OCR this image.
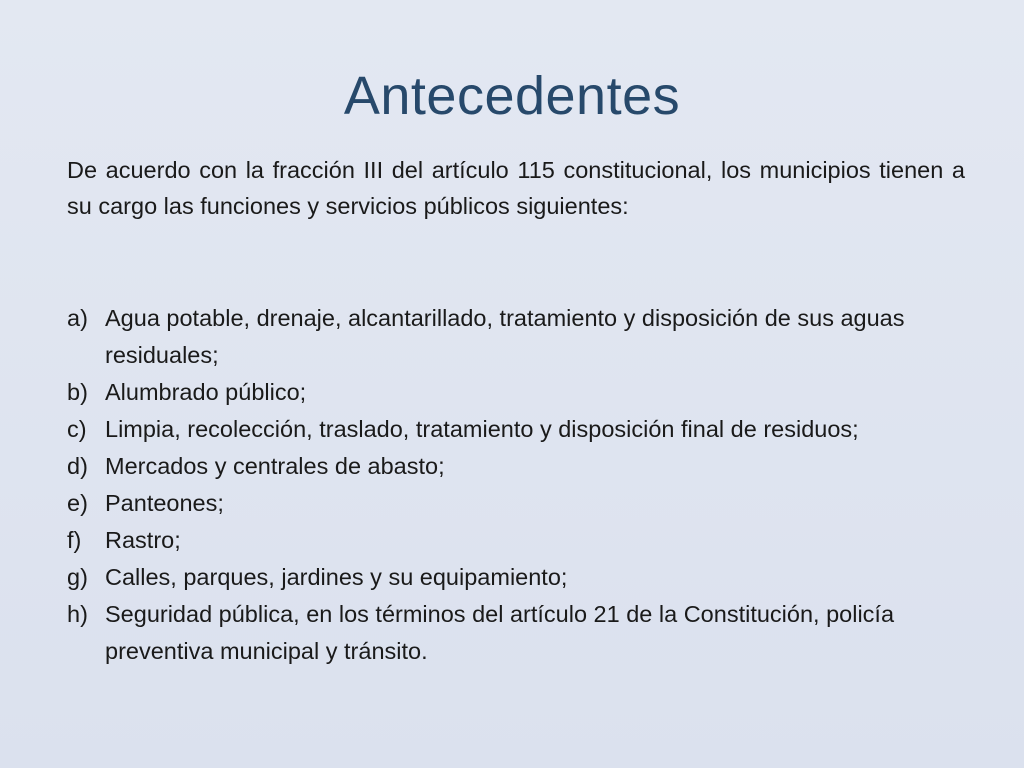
Antecedentes

De acuerdo con la fracción III del artículo 115 constitucional, los municipios tienen a su cargo las funciones y servicios públicos siguientes:

a) Agua potable, drenaje, alcantarillado, tratamiento y disposición de sus aguas residuales;
b) Alumbrado público;
c) Limpia, recolección, traslado, tratamiento y disposición final de residuos;
d) Mercados y centrales de abasto;
e) Panteones;
f)	Rastro;
g) Calles, parques, jardines y su equipamiento;
h) Seguridad pública, en los términos del artículo 21 de la Constitución, policía preventiva municipal y tránsito.
